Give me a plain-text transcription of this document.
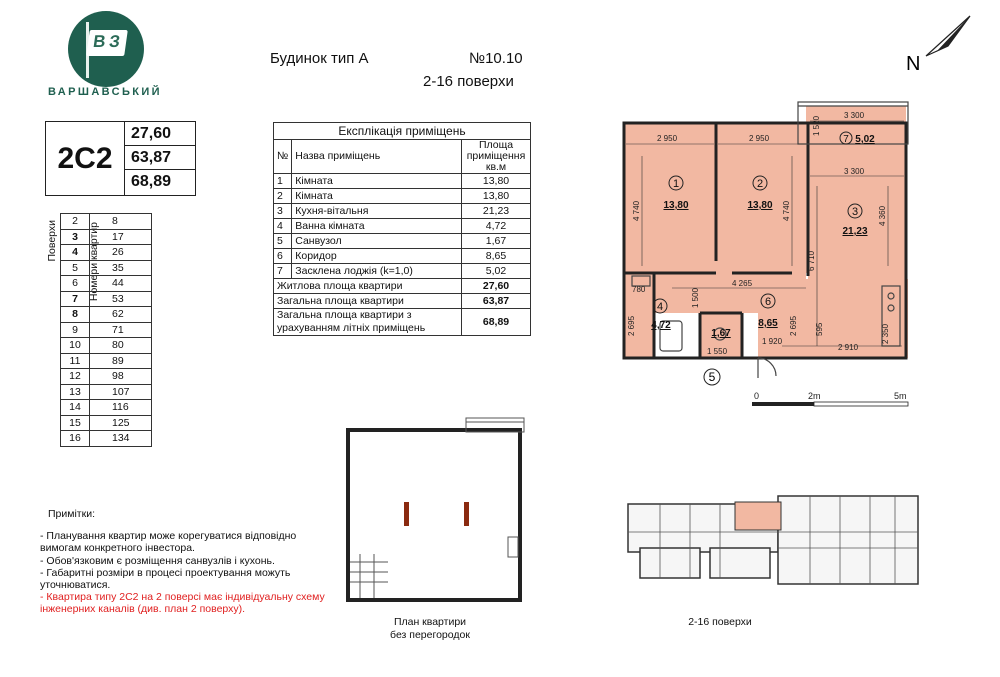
В З
ВАРШАВСЬКИЙ
Будинок тип А	№10.10
2-16 поверхи
N
2С2
27,60
63,87
68,89
Поверхи	Номери квартир
2	8
3	17
4	26
5	35
6	44
7	53
8	62
9	71
10	80
11	89
12	98
13	107
14	116
15	125
16	134
Експлікація приміщень		
№	Назва приміщень	Площа приміщення кв.м
1	Кімната	13,80
2	Кімната	13,80
3	Кухня-вітальня	21,23
4	Ванна кімната	4,72
5	Санвузол	1,67
6	Коридор	8,65
7	Засклена лоджія (k=1,0)	5,02
Житлова площа квартири		27,60
Загальна площа квартири		63,87
Загальна площа квартири з урахуванням літніх приміщень		68,89
2 950	2 950
3 300
3 300
1 520
4 740	4 740	4 360
6 710
4 265
1 500
780
2 695	2 695 595
1 920
2 910
2 350
1 550
1	2
3
4	6
7
13,80	13,80
21,23
4,72
1,67
8,65
5,02
5
0	2m	5m
План квартири
без перегородок
2-16 поверхи
Примітки:
- Планування квартир може корегуватися відповідно вимогам конкретного інвестора.
- Обов'язковим є розміщення санвузлів і кухонь.
- Габаритні розміри в процесі проектування можуть уточнюватися.
- Квартира типу 2С2 на 2 поверсі має індивідуальну схему інженерних каналів (див. план 2 поверху).
